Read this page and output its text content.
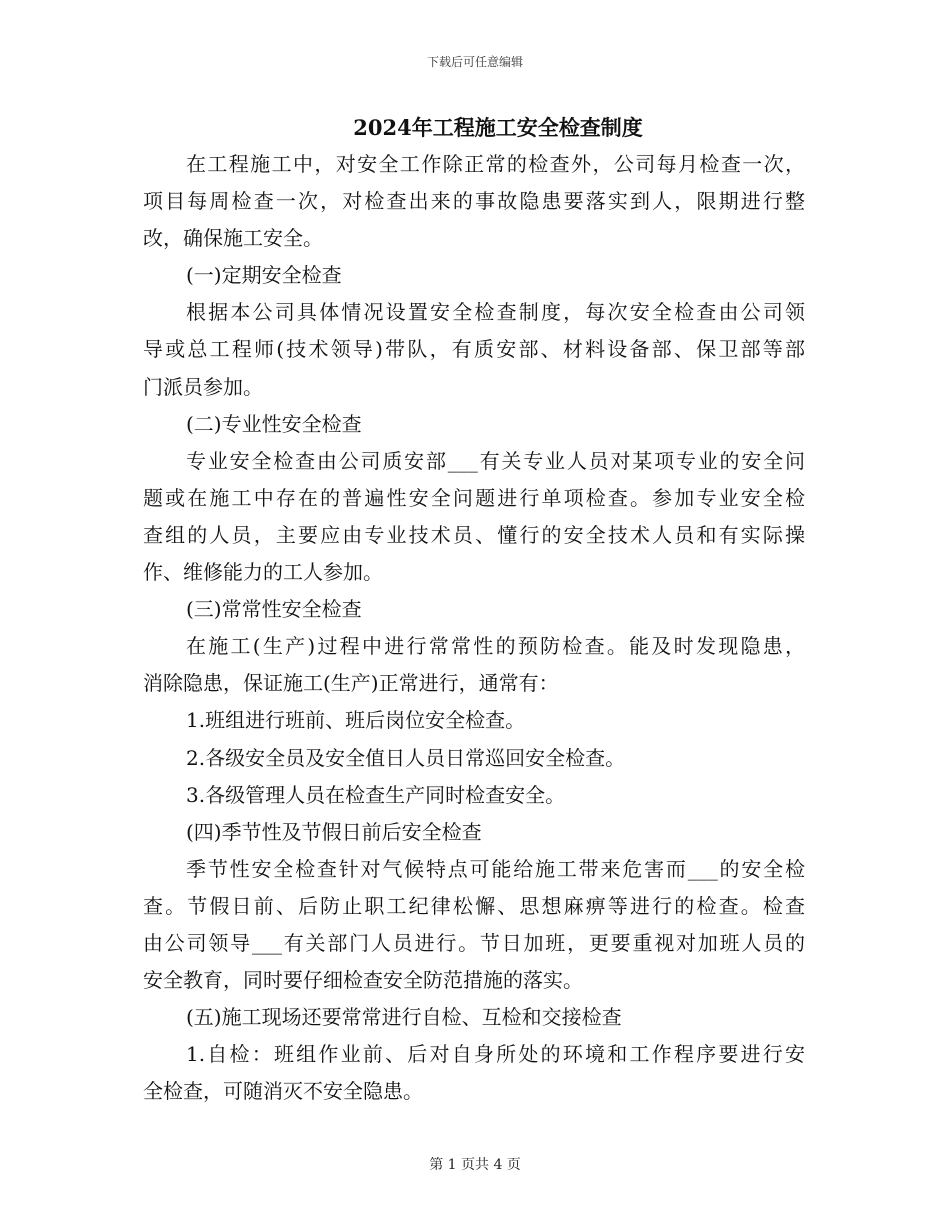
下载后可任意编辑
2024年工程施工安全检查制度
在工程施工中，对安全工作除正常的检查外，公司每月检查一次，
项目每周检查一次，对检查出来的事故隐患要落实到人，限期进行整
改，确保施工安全。
(一)定期安全检查
根据本公司具体情况设置安全检查制度，每次安全检查由公司领
导或总工程师(技术领导)带队，有质安部、材料设备部、保卫部等部
门派员参加。
(二)专业性安全检查
专业安全检查由公司质安部___有关专业人员对某项专业的安全问
题或在施工中存在的普遍性安全问题进行单项检查。参加专业安全检
查组的人员，主要应由专业技术员、懂行的安全技术人员和有实际操
作、维修能力的工人参加。
(三)常常性安全检查
在施工(生产)过程中进行常常性的预防检查。能及时发现隐患，
消除隐患，保证施工(生产)正常进行，通常有：
1.班组进行班前、班后岗位安全检查。
2.各级安全员及安全值日人员日常巡回安全检查。
3.各级管理人员在检查生产同时检查安全。
(四)季节性及节假日前后安全检查
季节性安全检查针对气候特点可能给施工带来危害而___的安全检
查。节假日前、后防止职工纪律松懈、思想麻痹等进行的检查。检查
由公司领导___有关部门人员进行。节日加班，更要重视对加班人员的
安全教育，同时要仔细检查安全防范措施的落实。
(五)施工现场还要常常进行自检、互检和交接检查
1.自检：班组作业前、后对自身所处的环境和工作程序要进行安
全检查，可随消灭不安全隐患。
第 1 页共 4 页
